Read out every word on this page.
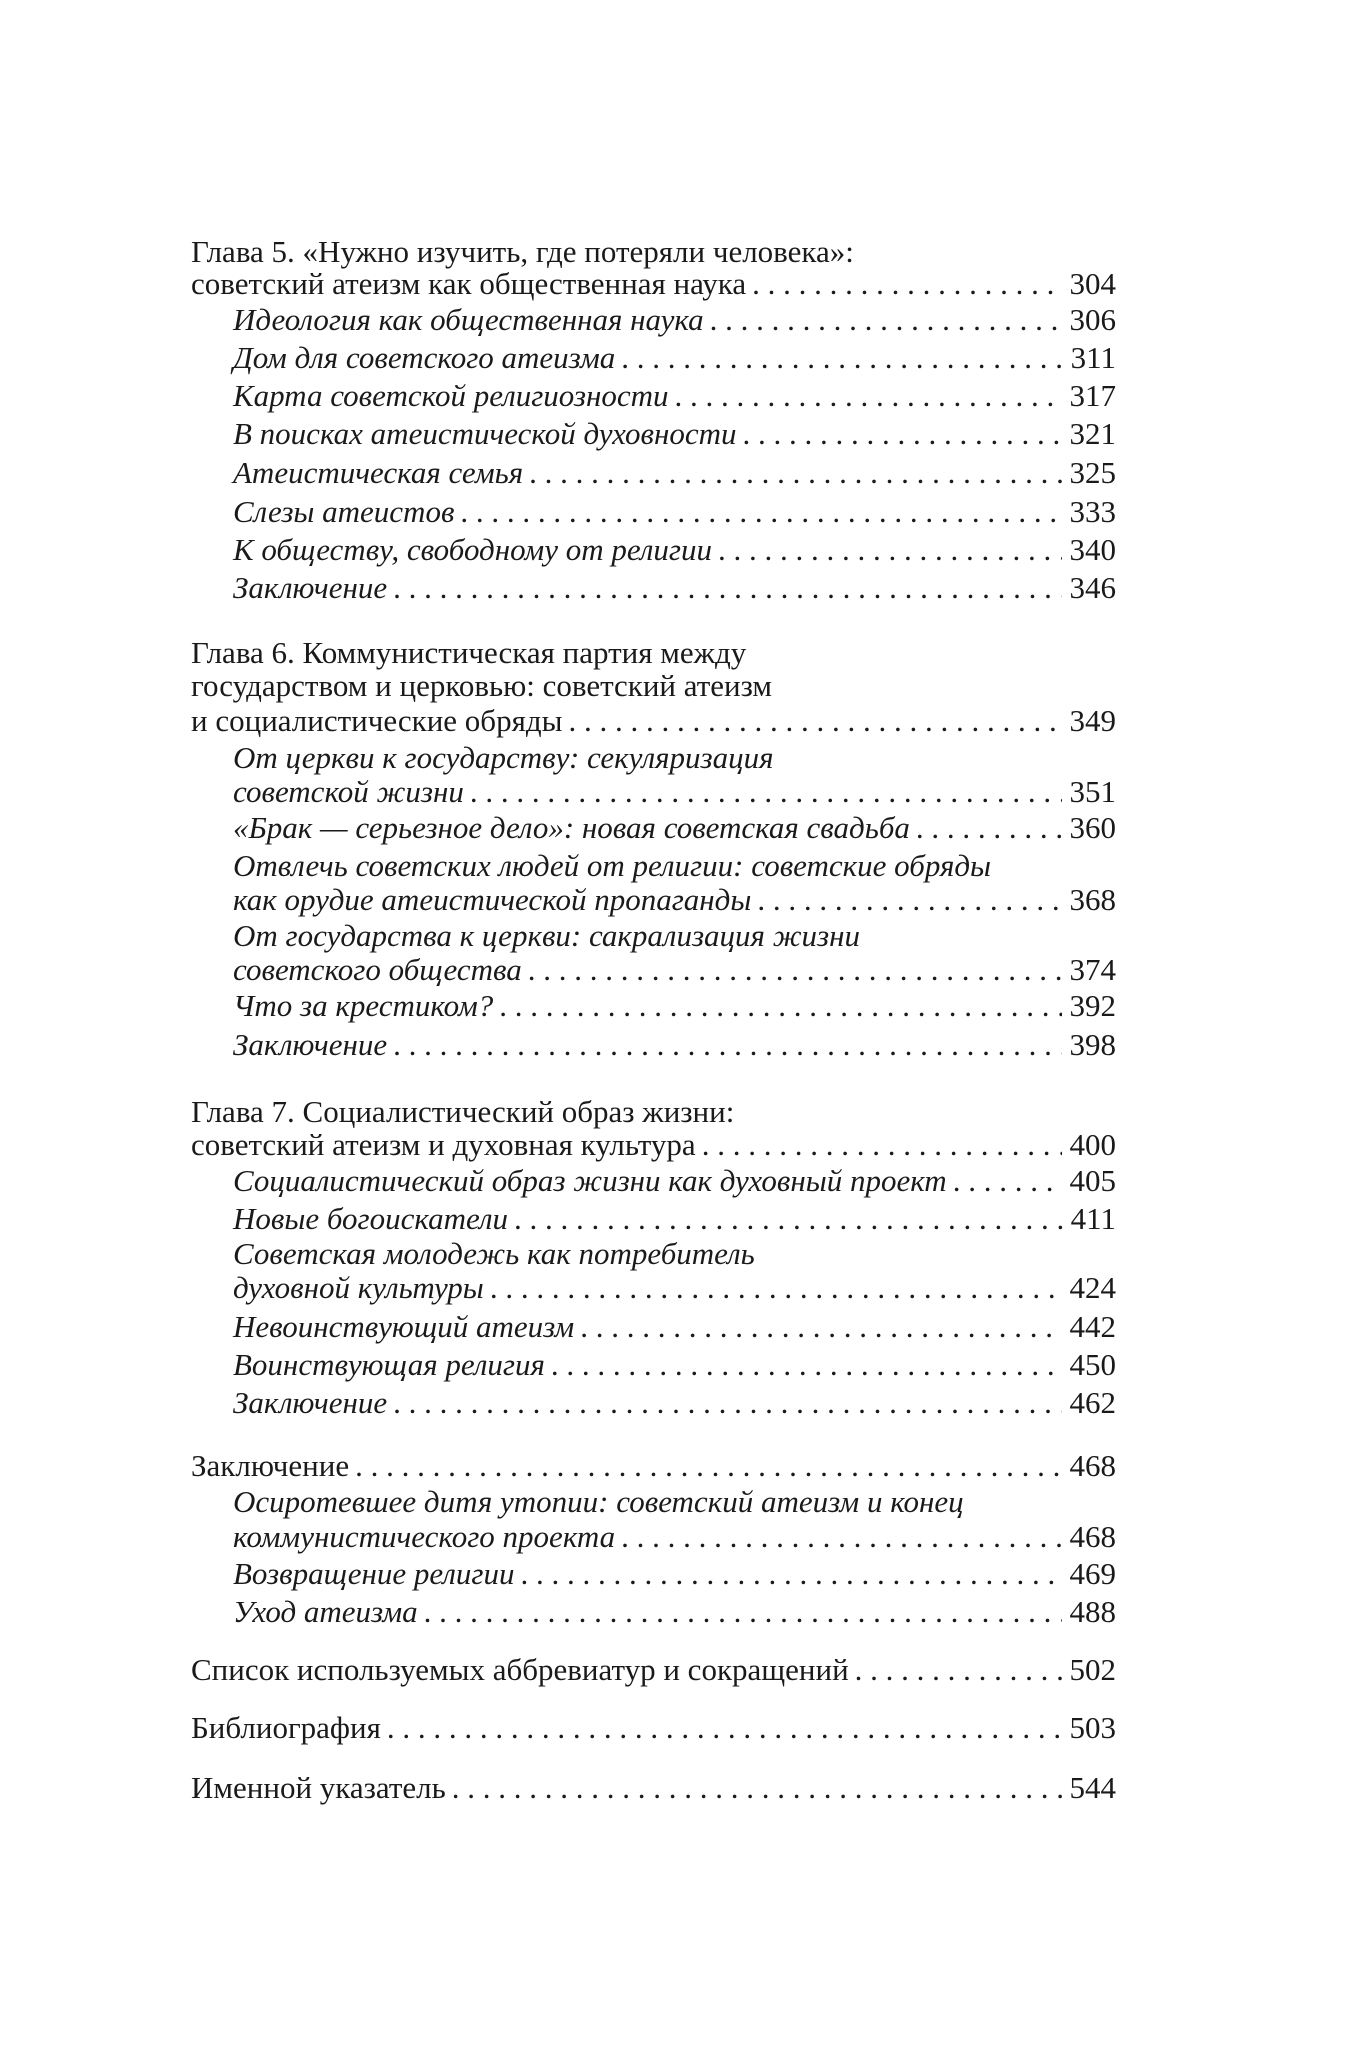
Глава 5. «Нужно изучить, где потеряли человека»:
советский атеизм как общественная наука . . .	304
Идеология как общественная наука . . .	306
Дом для советского атеизма . . .	311
Карта советской религиозности . . .	317
В поисках атеистической духовности . . .	321
Атеистическая семья . . .	325
Слезы атеистов . . .	333
К обществу, свободному от религии . . .	340
Заключение . . .	346
Глава 6. Коммунистическая партия между
государством и церковью: советский атеизм
и социалистические обряды . . .	349
От церкви к государству: секуляризация
советской жизни . . .	351
«Брак — серьезное дело»: новая советская свадьба . . .	360
Отвлечь советских людей от религии: советские обряды
как орудие атеистической пропаганды . . .	368
От государства к церкви: сакрализация жизни
советского общества . . .	374
Что за крестиком? . . .	392
Заключение . . .	398
Глава 7. Социалистический образ жизни:
советский атеизм и духовная культура . . .	400
Социалистический образ жизни как духовный проект . . .	405
Новые богоискатели . . .	411
Советская молодежь как потребитель
духовной культуры . . .	424
Невоинствующий атеизм . . .	442
Воинствующая религия . . .	450
Заключение . . .	462
Заключение . . .	468
Осиротевшее дитя утопии: советский атеизм и конец
коммунистического проекта . . .	468
Возвращение религии . . .	469
Уход атеизма . . .	488
Список используемых аббревиатур и сокращений . . .	502
Библиография . . .	503
Именной указатель . . .	544
